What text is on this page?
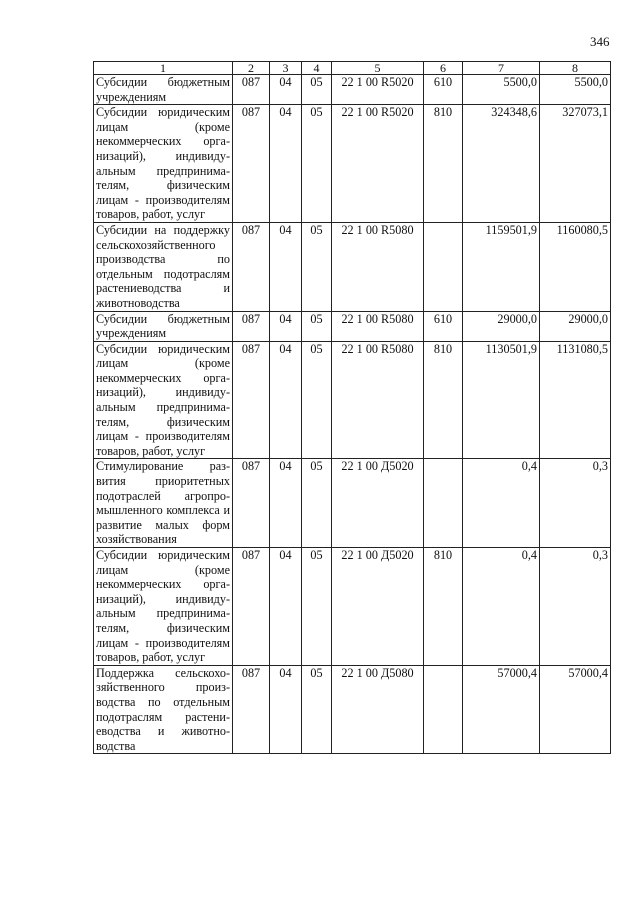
346
1	2	3	4	5	6	7	8
Субсидии бюджетным учреждениям	087	04	05	22 1 00 R5020	610	5500,0	5500,0
Субсидии юридическим лицам (кроме некоммерческих организаций), индивидуальным предпринимателям, физическим лицам - производителям товаров, работ, услуг	087	04	05	22 1 00 R5020	810	324348,6	327073,1
Субсидии на поддержку сельскохозяйственного производства по отдельным подотраслям растениеводства и животноводства	087	04	05	22 1 00 R5080		1159501,9	1160080,5
Субсидии бюджетным учреждениям	087	04	05	22 1 00 R5080	610	29000,0	29000,0
Субсидии юридическим лицам (кроме некоммерческих организаций), индивидуальным предпринимателям, физическим лицам - производителям товаров, работ, услуг	087	04	05	22 1 00 R5080	810	1130501,9	1131080,5
Стимулирование развития приоритетных подотраслей агропромышленного комплекса и развитие малых форм хозяйствования	087	04	05	22 1 00 Д5020		0,4	0,3
Субсидии юридическим лицам (кроме некоммерческих организаций), индивидуальным предпринимателям, физическим лицам - производителям товаров, работ, услуг	087	04	05	22 1 00 Д5020	810	0,4	0,3
Поддержка сельскохозяйственного производства по отдельным подотраслям растениеводства и животноводства	087	04	05	22 1 00 Д5080		57000,4	57000,4
